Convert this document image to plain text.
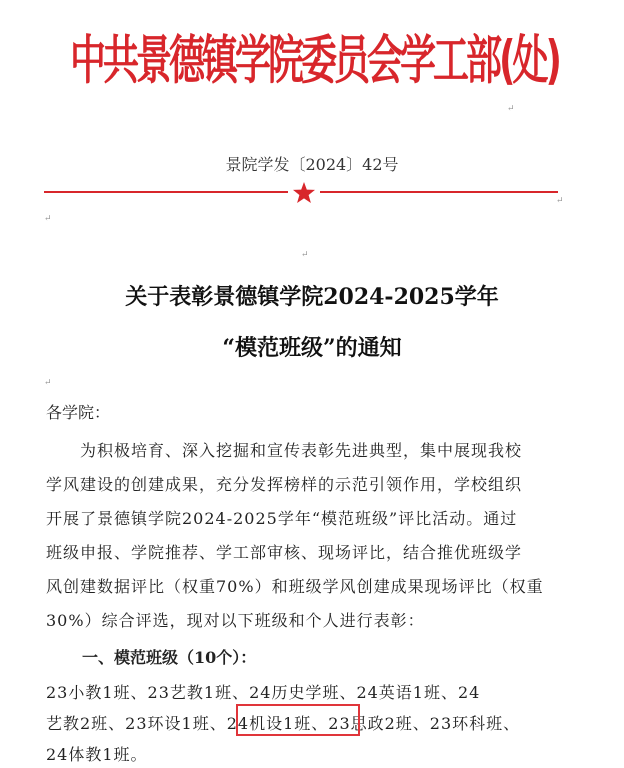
中共景德镇学院委员会学工部(处)
↵
景院学发〔2024〕42号
↵
↵
↵
关于表彰景德镇学院2024-2025学年
“模范班级”的通知
↵
各学院：
　　为积极培育、深入挖掘和宣传表彰先进典型，集中展现我校
学风建设的创建成果，充分发挥榜样的示范引领作用，学校组织
开展了景德镇学院2024-2025学年“模范班级”评比活动。通过
班级申报、学院推荐、学工部审核、现场评比，结合推优班级学
风创建数据评比（权重70%）和班级学风创建成果现场评比（权重
30%）综合评选，现对以下班级和个人进行表彰：
一、模范班级（10个）：
23小教1班、23艺教1班、24历史学班、24英语1班、24
艺教2班、23环设1班、24机设1班、23思政2班、23环科班、
24体教1班。
